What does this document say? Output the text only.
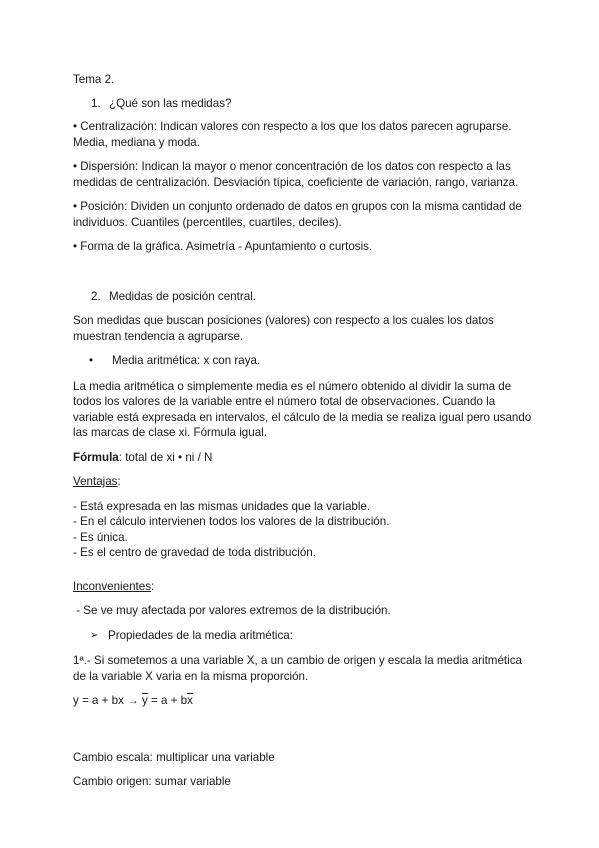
Tema 2.

1. ¿Qué son las medidas?

• Centralización: Indican valores con respecto a los que los datos parecen agruparse. Media, mediana y moda.

• Dispersión: Indican la mayor o menor concentración de los datos con respecto a las medidas de centralización. Desviación típica, coeficiente de variación, rango, varianza.

• Posición: Dividen un conjunto ordenado de datos en grupos con la misma cantidad de individuos. Cuantiles (percentiles, cuartiles, deciles).

• Forma de la gráfica. Asimetría - Apuntamiento o curtosis.

2. Medidas de posición central.

Son medidas que buscan posiciones (valores) con respecto a los cuales los datos muestran tendencia a agruparse.

•	Media aritmética: x con raya.

La media aritmética o simplemente media es el número obtenido al dividir la suma de todos los valores de la variable entre el número total de observaciones. Cuando la variable está expresada en intervalos, el cálculo de la media se realiza igual pero usando las marcas de clase xi. Fórmula igual.

Fórmula: total de xi • ni / N

Ventajas:

- Está expresada en las mismas unidades que la variable.

- En el cálculo intervienen todos los valores de la distribución.

- Es única.

- Es el centro de gravedad de toda distribución.

Inconvenientes:

- Se ve muy afectada por valores extremos de la distribución.

➢ Propiedades de la media aritmética:

1ª.- Si sometemos a una variable X, a un cambio de origen y escala la media aritmética de la variable X varia en la misma proporción.

y = a + bx → $\overline{y} = a + b\overline{x}$

Cambio escala: multiplicar una variable

Cambio origen: sumar variable
